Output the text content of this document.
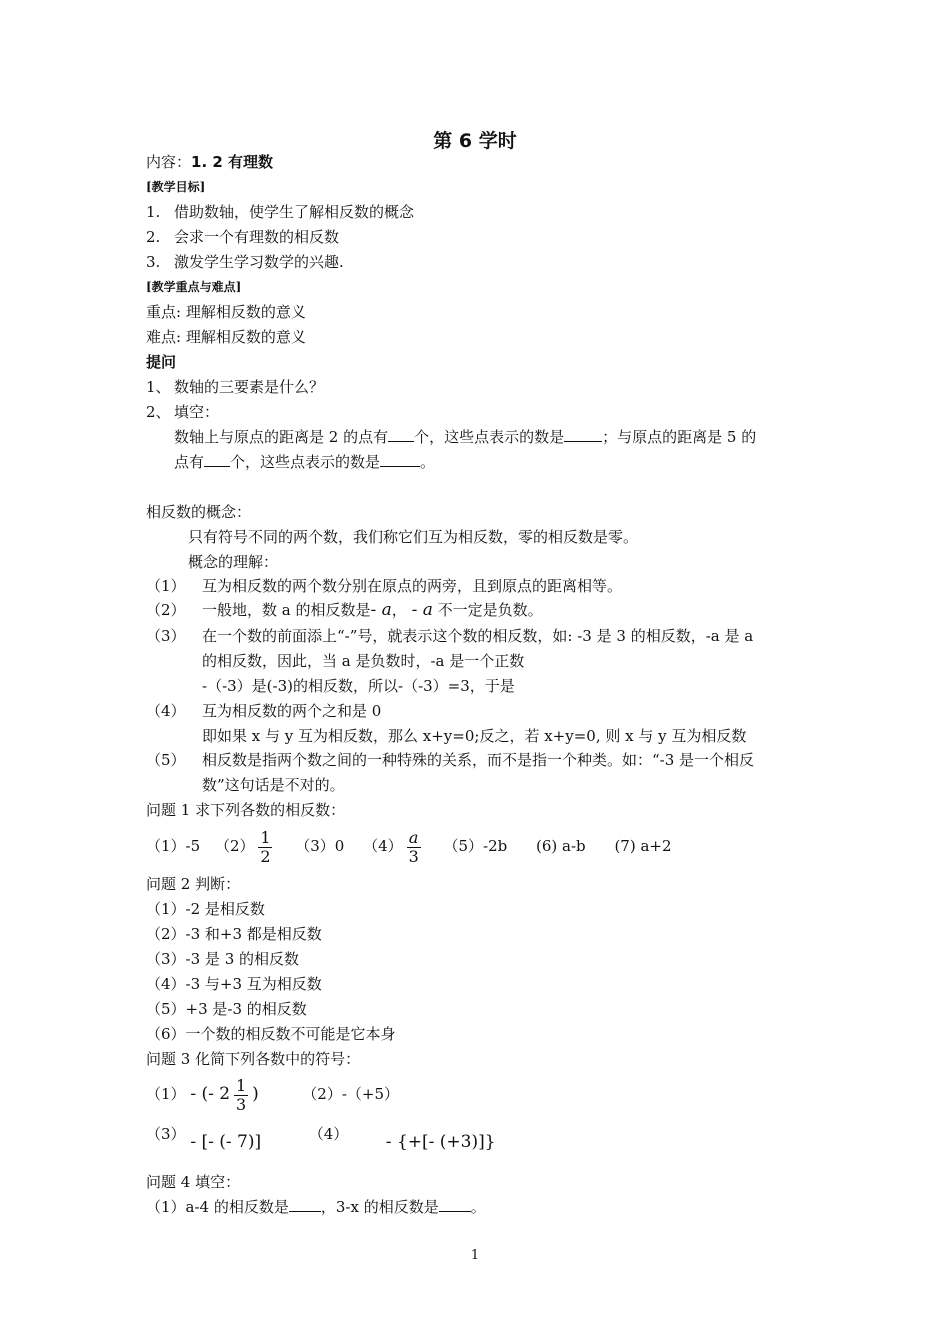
第 6 学时
内容：1. 2 有理数
[教学目标]
1. 借助数轴，使学生了解相反数的概念
2. 会求一个有理数的相反数
3. 激发学生学习数学的兴趣.
[教学重点与难点]
重点: 理解相反数的意义
难点: 理解相反数的意义
提问
1、 数轴的三要素是什么？
2、 填空：
数轴上与原点的距离是 2 的点有 个，这些点表示的数是	；与原点的距离是 5 的
点有 个，这些点表示的数是	。
相反数的概念：
只有符号不同的两个数，我们称它们互为相反数，零的相反数是零。
概念的理解：
（1） 互为相反数的两个数分别在原点的两旁，且到原点的距离相等。
（2） 一般地，数 a 的相反数是- a， - a 不一定是负数。
（3） 在一个数的前面添上“-”号，就表示这个数的相反数，如: -3 是 3 的相反数，-a 是 a
的相反数，因此，当 a 是负数时，-a 是一个正数
-（-3）是(-3)的相反数，所以-（-3）=3，于是
（4） 互为相反数的两个之和是 0
即如果 x 与 y 互为相反数，那么 x+y=0;反之，若 x+y=0, 则 x 与 y 互为相反数
（5） 相反数是指两个数之间的一种特殊的关系，而不是指一个种类。如：“-3 是一个相反
数”这句话是不对的。
问题 1 求下列各数的相反数：
（1）-5 $(2) \frac{1}{2} (3)0$ $(4) \frac{a}{3} (5)-2b$ (6) a-b (7) a+2
问题 2 判断：
（1）-2 是相反数
（2）-3 和+3 都是相反数
（3）-3 是 3 的相反数
（4）-3 与+3 互为相反数
（5）+3 是-3 的相反数
（6）一个数的相反数不可能是它本身
问题 3 化简下列各数中的符号：
（1） - (- $2 \frac{1}{3}$ )	（2）-（+5）
（3） - [- (- 7)]	（4） - {+[- (+3)]}
问题 4 填空：
（1）a-4 的相反数是 ，3-x 的相反数是 。
1
